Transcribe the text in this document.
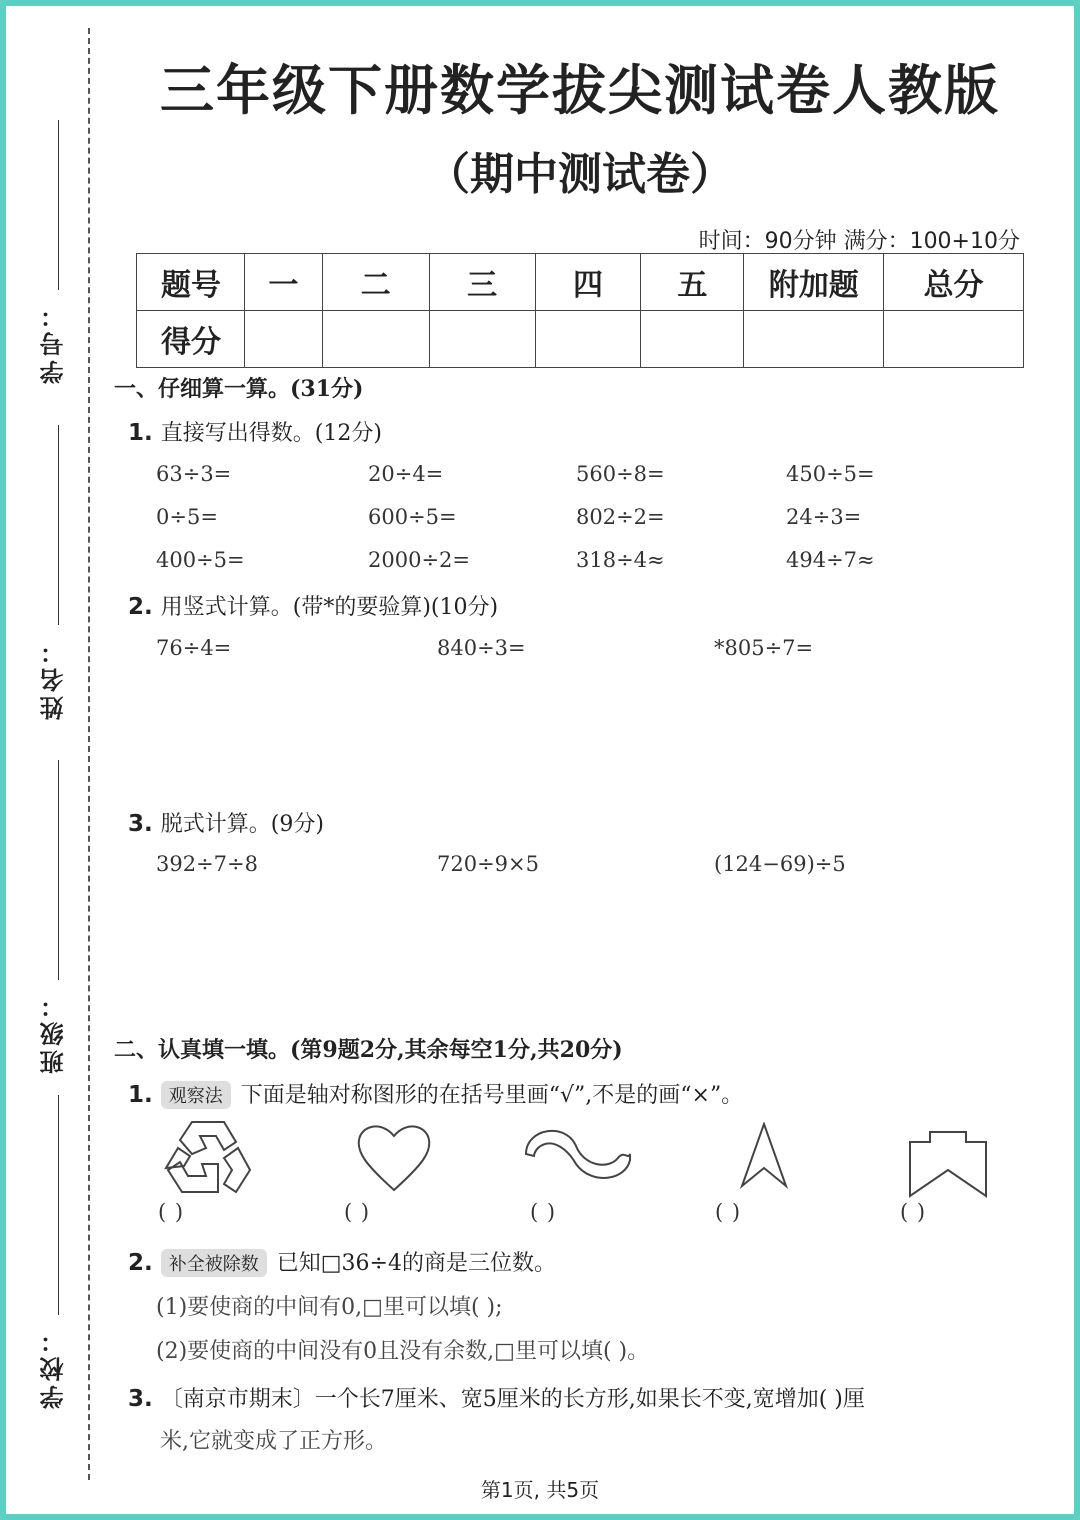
学号：
姓名：
班级：
学校：
三年级下册数学拔尖测试卷人教版
（期中测试卷）
时间：90分钟 满分：100+10分
题号	一	二	三	四	五	附加题	总分
得分							
一、仔细算一算。(31分)
1. 直接写出得数。(12分)
63÷3=	20÷4=	560÷8=	450÷5=
0÷5=	600÷5=	802÷2=	24÷3=
400÷5=	2000÷2=	318÷4≈	494÷7≈
2. 用竖式计算。(带*的要验算)(10分)
76÷4=	840÷3=	*805÷7=
3. 脱式计算。(9分)
392÷7÷8	720÷9×5	(124−69)÷5
二、认真填一填。(第9题2分,其余每空1分,共20分)
1. 观察法 下面是轴对称图形的在括号里画“√”,不是的画“×”。
( )	( )	( )	( )	( )
2. 补全被除数 已知□36÷4的商是三位数。
(1)要使商的中间有0,□里可以填( );
(2)要使商的中间没有0且没有余数,□里可以填( )。
3. 〔南京市期末〕一个长7厘米、宽5厘米的长方形,如果长不变,宽增加( )厘
米,它就变成了正方形。
第1页, 共5页
